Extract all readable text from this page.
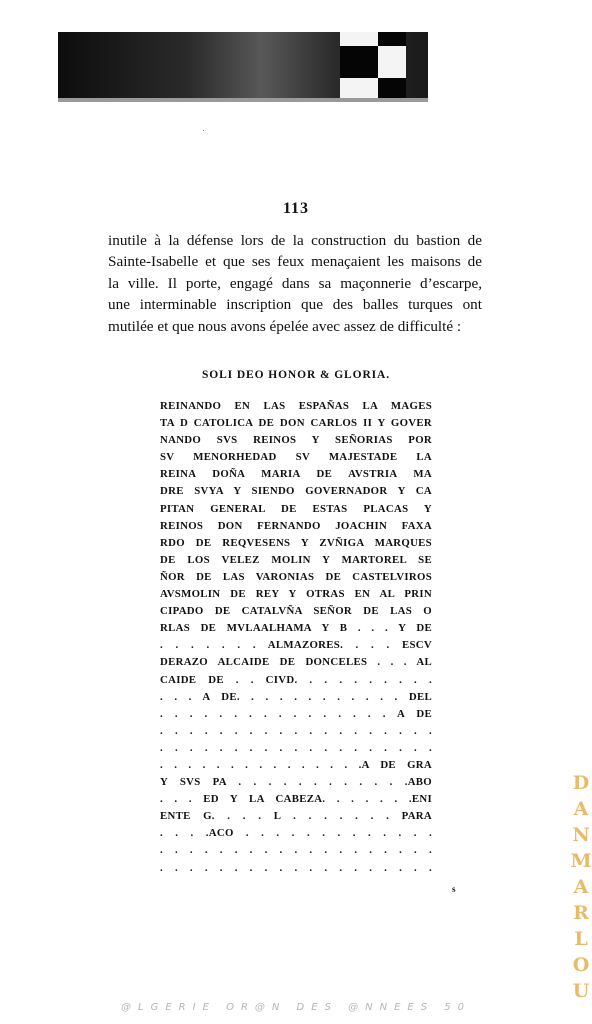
113
inutile à la défense lors de la construction du bastion de
Sainte-Isabelle et que ses feux menaçaient les maisons de
la ville. Il porte, engagé dans sa maçonnerie d’escarpe,
une interminable inscription que des balles turques ont
mutilée et que nous avons épelée avec assez de difficulté :
SOLI DEO HONOR & GLORIA.
REINANDO EN LAS ESPAÑAS LA MAGES
TA D CATOLICA DE DON CARLOS II Y GOVER
NANDO SVS REINOS Y SEÑORIAS POR
SV MENORHEDAD SV MAJESTADE LA
REINA DOÑA MARIA DE AVSTRIA MA
DRE SVYA Y SIENDO GOVERNADOR Y CA
PITAN GENERAL DE ESTAS PLACAS Y
REINOS DON FERNANDO JOACHIN FAXA
RDO DE REQVESENS Y ZVÑIGA MARQUES
DE LOS VELEZ MOLIN Y MARTOREL SE
ÑOR DE LAS VARONIAS DE CASTELVIROS
AVSMOLIN DE REY Y OTRAS EN AL PRIN
CIPADO DE CATALVÑA SEÑOR DE LAS O
RLAS DE MVLAALHAMA Y B . . . Y DE
. . . . . . . ALMAZORES. . . . ESCV
DERAZO ALCAIDE DE DONCELES . . . AL
CAIDE DE . . CIVD. . . . . . . . . .
. . . A DE. . . . . . . . . . . . DEL
. . . . . . . . . . . . . . . . A DE
. . . . . . . . . . . . . . . . . . .
. . . . . . . . . . . . . . . . . . .
. . . . . . . . . . . . . . .A DE GRA
Y SVS PA . . . . . . . . . . . .ABO
. . . ED Y LA CABEZA. . . . . . .ENI
ENTE G. . . . L . . . . . . . PARA
. . . .ACO . . . . . . . . . . . . .
. . . . . . . . . . . . . . . . . . .
. . . . . . . . . . . . . . . . . . .
s
D
A
N
M
A
R
L
O
U
@LGERIE OR@N DES @NNEES 50
